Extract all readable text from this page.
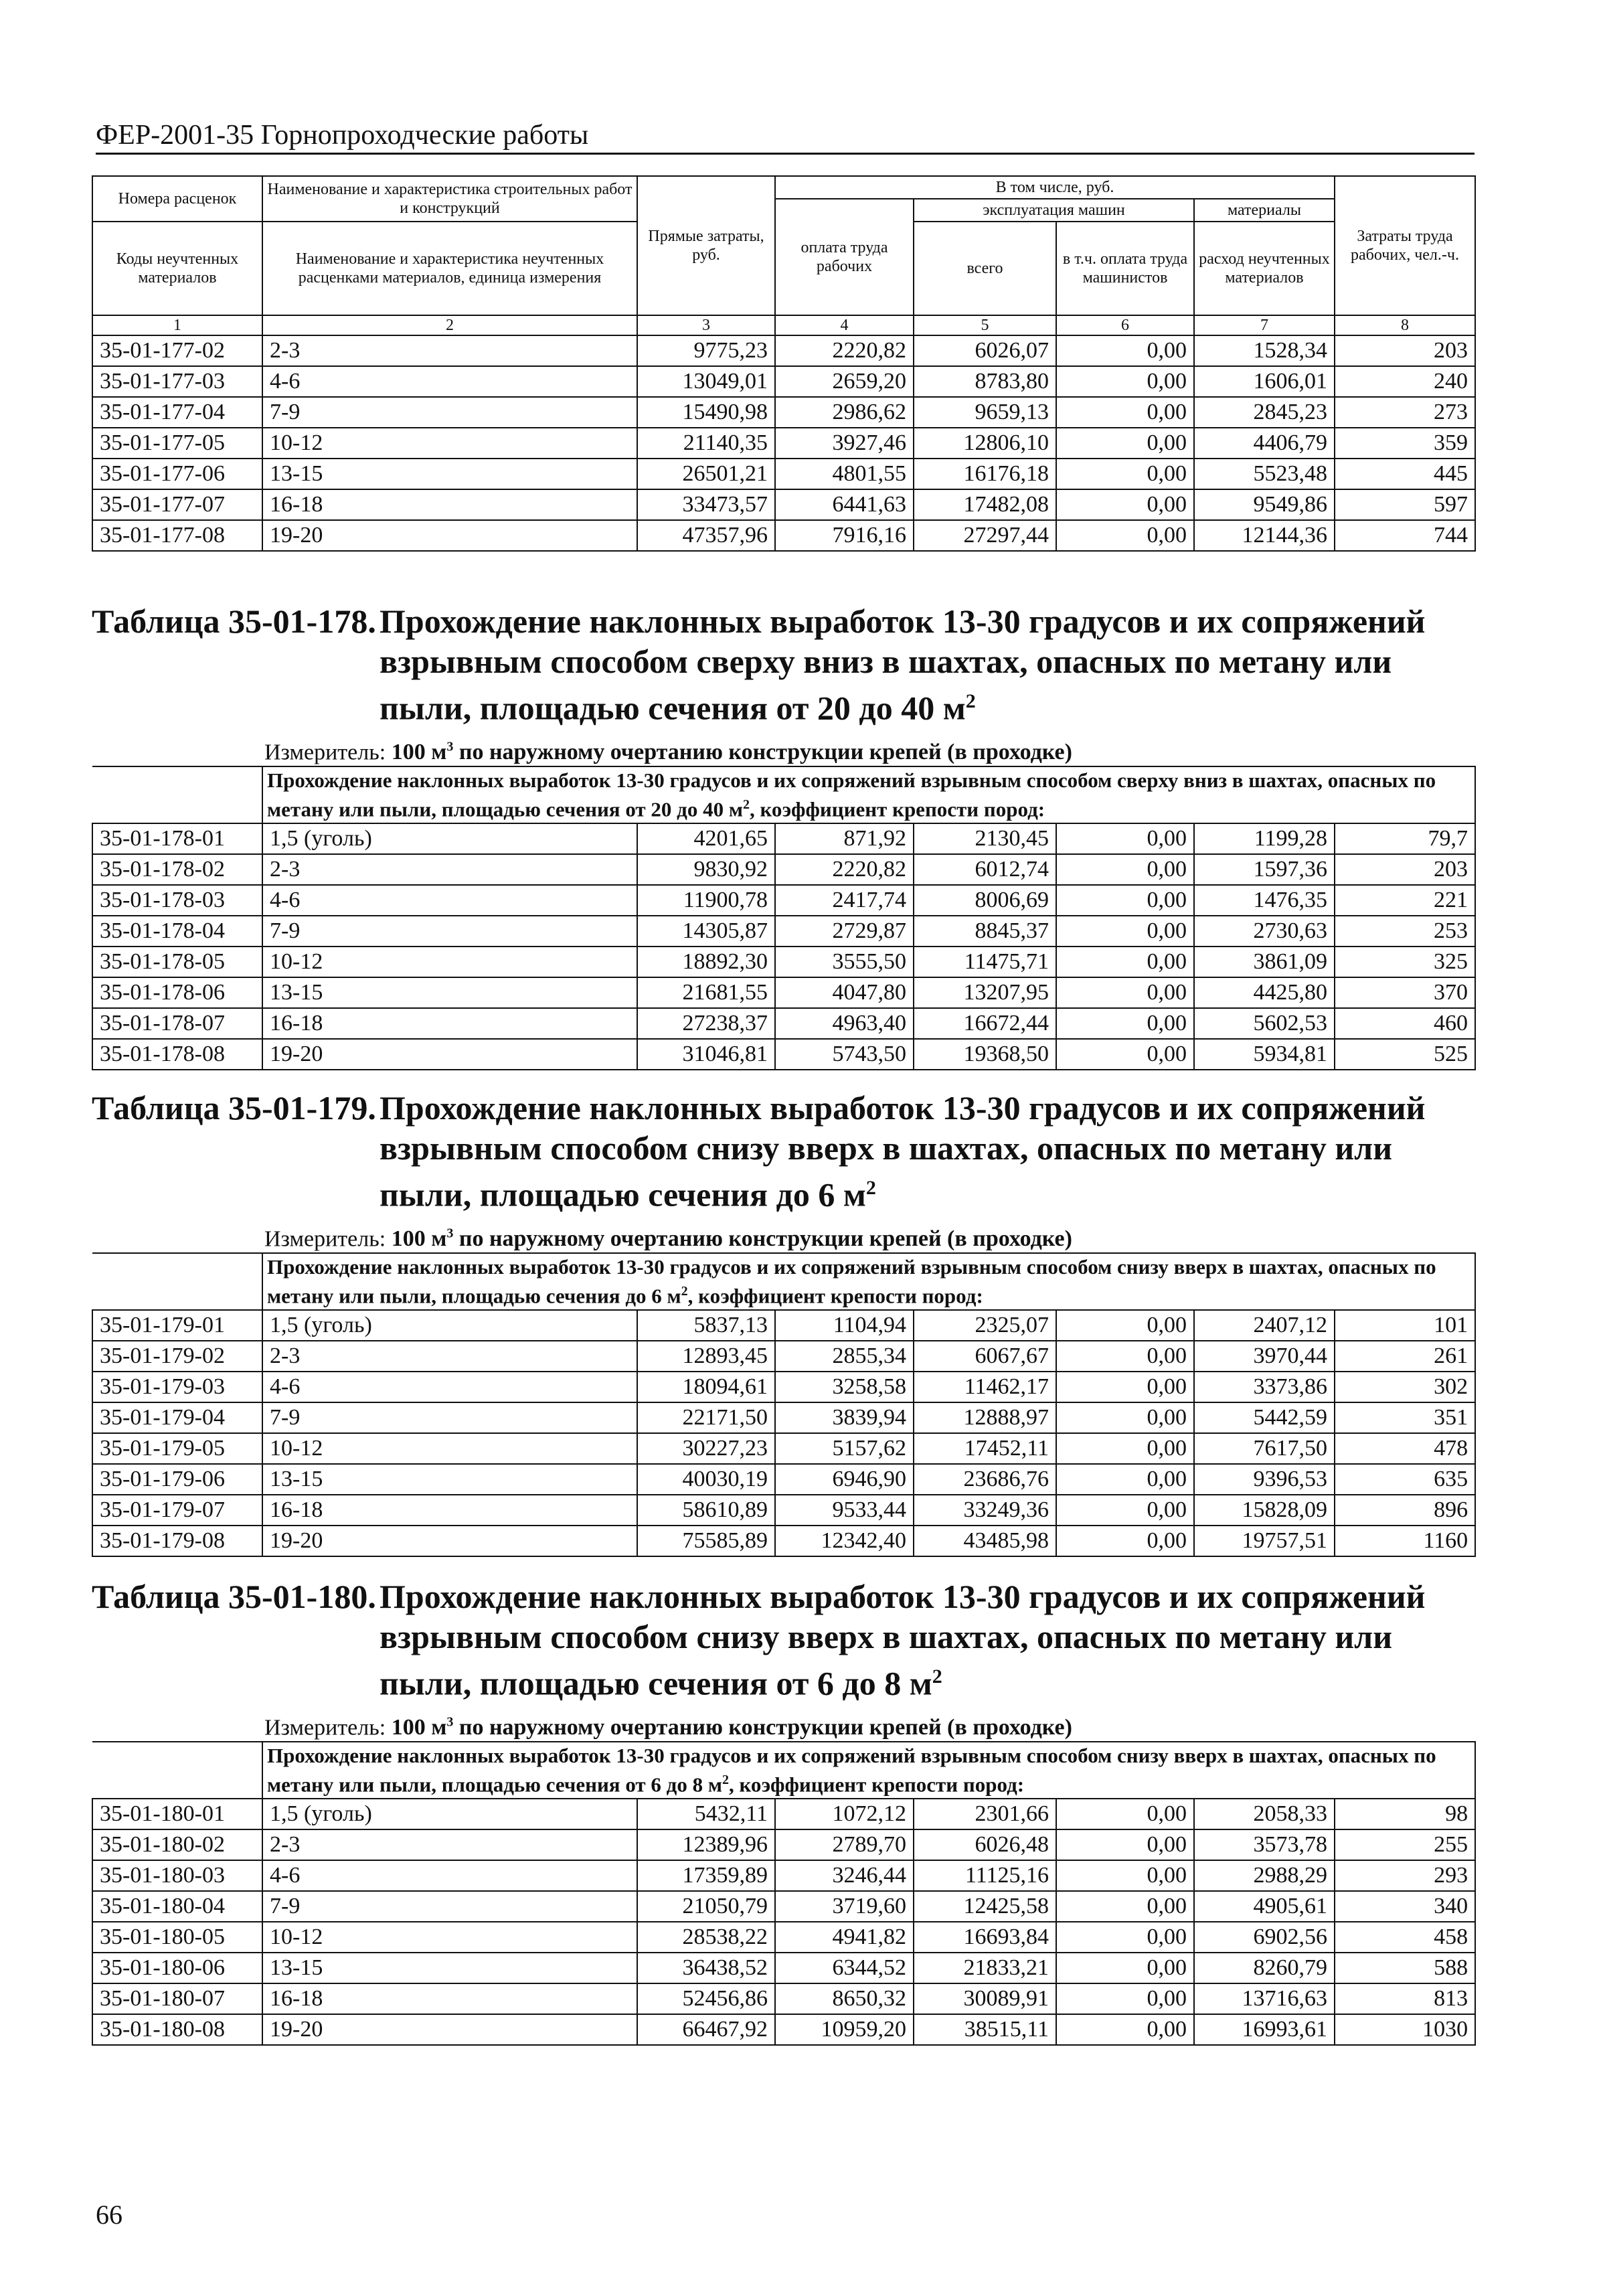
ФЕР-2001-35 Горнопроходческие работы
Номера расценок	Наименование и характеристика строительных работ и конструкций	Прямые затраты, руб.	В том числе, руб.				Затраты труда рабочих, чел.-ч.
			оплата труда рабочих	эксплуатация машин		материалы	
Коды неучтенных материалов	Наименование и характеристика неучтенных расценками материалов, единица измерения			всего	в т.ч. оплата труда машинистов	расход неучтенных материалов	

1	2	3	4	5	6	7	8
35-01-177-02	2-3	9775,23	2220,82	6026,07	0,00	1528,34	203
35-01-177-03	4-6	13049,01	2659,20	8783,80	0,00	1606,01	240
35-01-177-04	7-9	15490,98	2986,62	9659,13	0,00	2845,23	273
35-01-177-05	10-12	21140,35	3927,46	12806,10	0,00	4406,79	359
35-01-177-06	13-15	26501,21	4801,55	16176,18	0,00	5523,48	445
35-01-177-07	16-18	33473,57	6441,63	17482,08	0,00	9549,86	597
35-01-177-08	19-20	47357,96	7916,16	27297,44	0,00	12144,36	744
Таблица 35-01-178. Прохождение наклонных выработок 13-30 градусов и их сопряжений
взрывным способом сверху вниз в шахтах, опасных по метану или
пыли, площадью сечения от 20 до 40 $м^2$
Измеритель: 100 $м^3$ по наружному очертанию конструкции крепей (в проходке)
	Прохождение наклонных выработок 13-30 градусов и их сопряжений взрывным способом сверху вниз в шахтах, опасных по метану или пыли, площадью сечения от 20 до 40 $м^2$, коэффициент крепости пород:						
35-01-178-01	1,5 (уголь)	4201,65	871,92	2130,45	0,00	1199,28	79,7
35-01-178-02	2-3	9830,92	2220,82	6012,74	0,00	1597,36	203
35-01-178-03	4-6	11900,78	2417,74	8006,69	0,00	1476,35	221
35-01-178-04	7-9	14305,87	2729,87	8845,37	0,00	2730,63	253
35-01-178-05	10-12	18892,30	3555,50	11475,71	0,00	3861,09	325
35-01-178-06	13-15	21681,55	4047,80	13207,95	0,00	4425,80	370
35-01-178-07	16-18	27238,37	4963,40	16672,44	0,00	5602,53	460
35-01-178-08	19-20	31046,81	5743,50	19368,50	0,00	5934,81	525
Таблица 35-01-179. Прохождение наклонных выработок 13-30 градусов и их сопряжений
взрывным способом снизу вверх в шахтах, опасных по метану или
пыли, площадью сечения до 6 $м^2$
Измеритель: 100 $м^3$ по наружному очертанию конструкции крепей (в проходке)
	Прохождение наклонных выработок 13-30 градусов и их сопряжений взрывным способом снизу вверх в шахтах, опасных по метану или пыли, площадью сечения до 6 $м^2$, коэффициент крепости пород:						
35-01-179-01	1,5 (уголь)	5837,13	1104,94	2325,07	0,00	2407,12	101
35-01-179-02	2-3	12893,45	2855,34	6067,67	0,00	3970,44	261
35-01-179-03	4-6	18094,61	3258,58	11462,17	0,00	3373,86	302
35-01-179-04	7-9	22171,50	3839,94	12888,97	0,00	5442,59	351
35-01-179-05	10-12	30227,23	5157,62	17452,11	0,00	7617,50	478
35-01-179-06	13-15	40030,19	6946,90	23686,76	0,00	9396,53	635
35-01-179-07	16-18	58610,89	9533,44	33249,36	0,00	15828,09	896
35-01-179-08	19-20	75585,89	12342,40	43485,98	0,00	19757,51	1160
Таблица 35-01-180. Прохождение наклонных выработок 13-30 градусов и их сопряжений
взрывным способом снизу вверх в шахтах, опасных по метану или
пыли, площадью сечения от 6 до 8 $м^2$
Измеритель: 100 $м^3$ по наружному очертанию конструкции крепей (в проходке)
	Прохождение наклонных выработок 13-30 градусов и их сопряжений взрывным способом снизу вверх в шахтах, опасных по метану или пыли, площадью сечения от 6 до 8 $м^2$, коэффициент крепости пород:						
35-01-180-01	1,5 (уголь)	5432,11	1072,12	2301,66	0,00	2058,33	98
35-01-180-02	2-3	12389,96	2789,70	6026,48	0,00	3573,78	255
35-01-180-03	4-6	17359,89	3246,44	11125,16	0,00	2988,29	293
35-01-180-04	7-9	21050,79	3719,60	12425,58	0,00	4905,61	340
35-01-180-05	10-12	28538,22	4941,82	16693,84	0,00	6902,56	458
35-01-180-06	13-15	36438,52	6344,52	21833,21	0,00	8260,79	588
35-01-180-07	16-18	52456,86	8650,32	30089,91	0,00	13716,63	813
35-01-180-08	19-20	66467,92	10959,20	38515,11	0,00	16993,61	1030
66
